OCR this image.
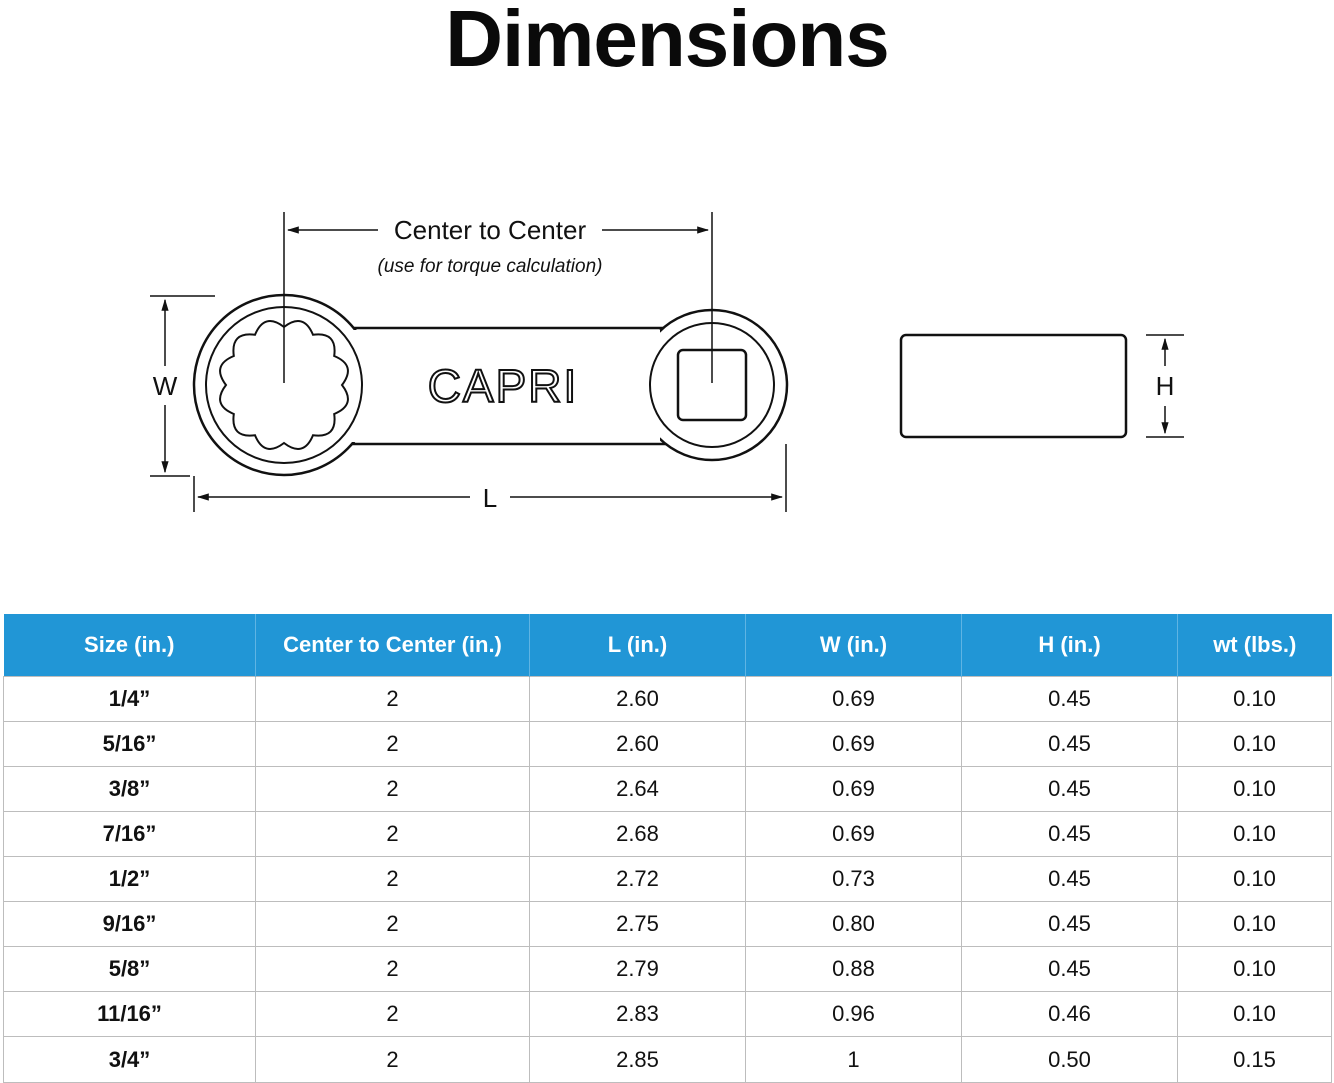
Dimensions
CAPRI
Center to Center
(use for torque calculation)
W
L
H
Size (in.)	Center to Center (in.)	L (in.)	W (in.)	H (in.)	wt (lbs.)
1/4”	2	2.60	0.69	0.45	0.10
5/16”	2	2.60	0.69	0.45	0.10
3/8”	2	2.64	0.69	0.45	0.10
7/16”	2	2.68	0.69	0.45	0.10
1/2”	2	2.72	0.73	0.45	0.10
9/16”	2	2.75	0.80	0.45	0.10
5/8”	2	2.79	0.88	0.45	0.10
11/16”	2	2.83	0.96	0.46	0.10
3/4”	2	2.85	1	0.50	0.15
